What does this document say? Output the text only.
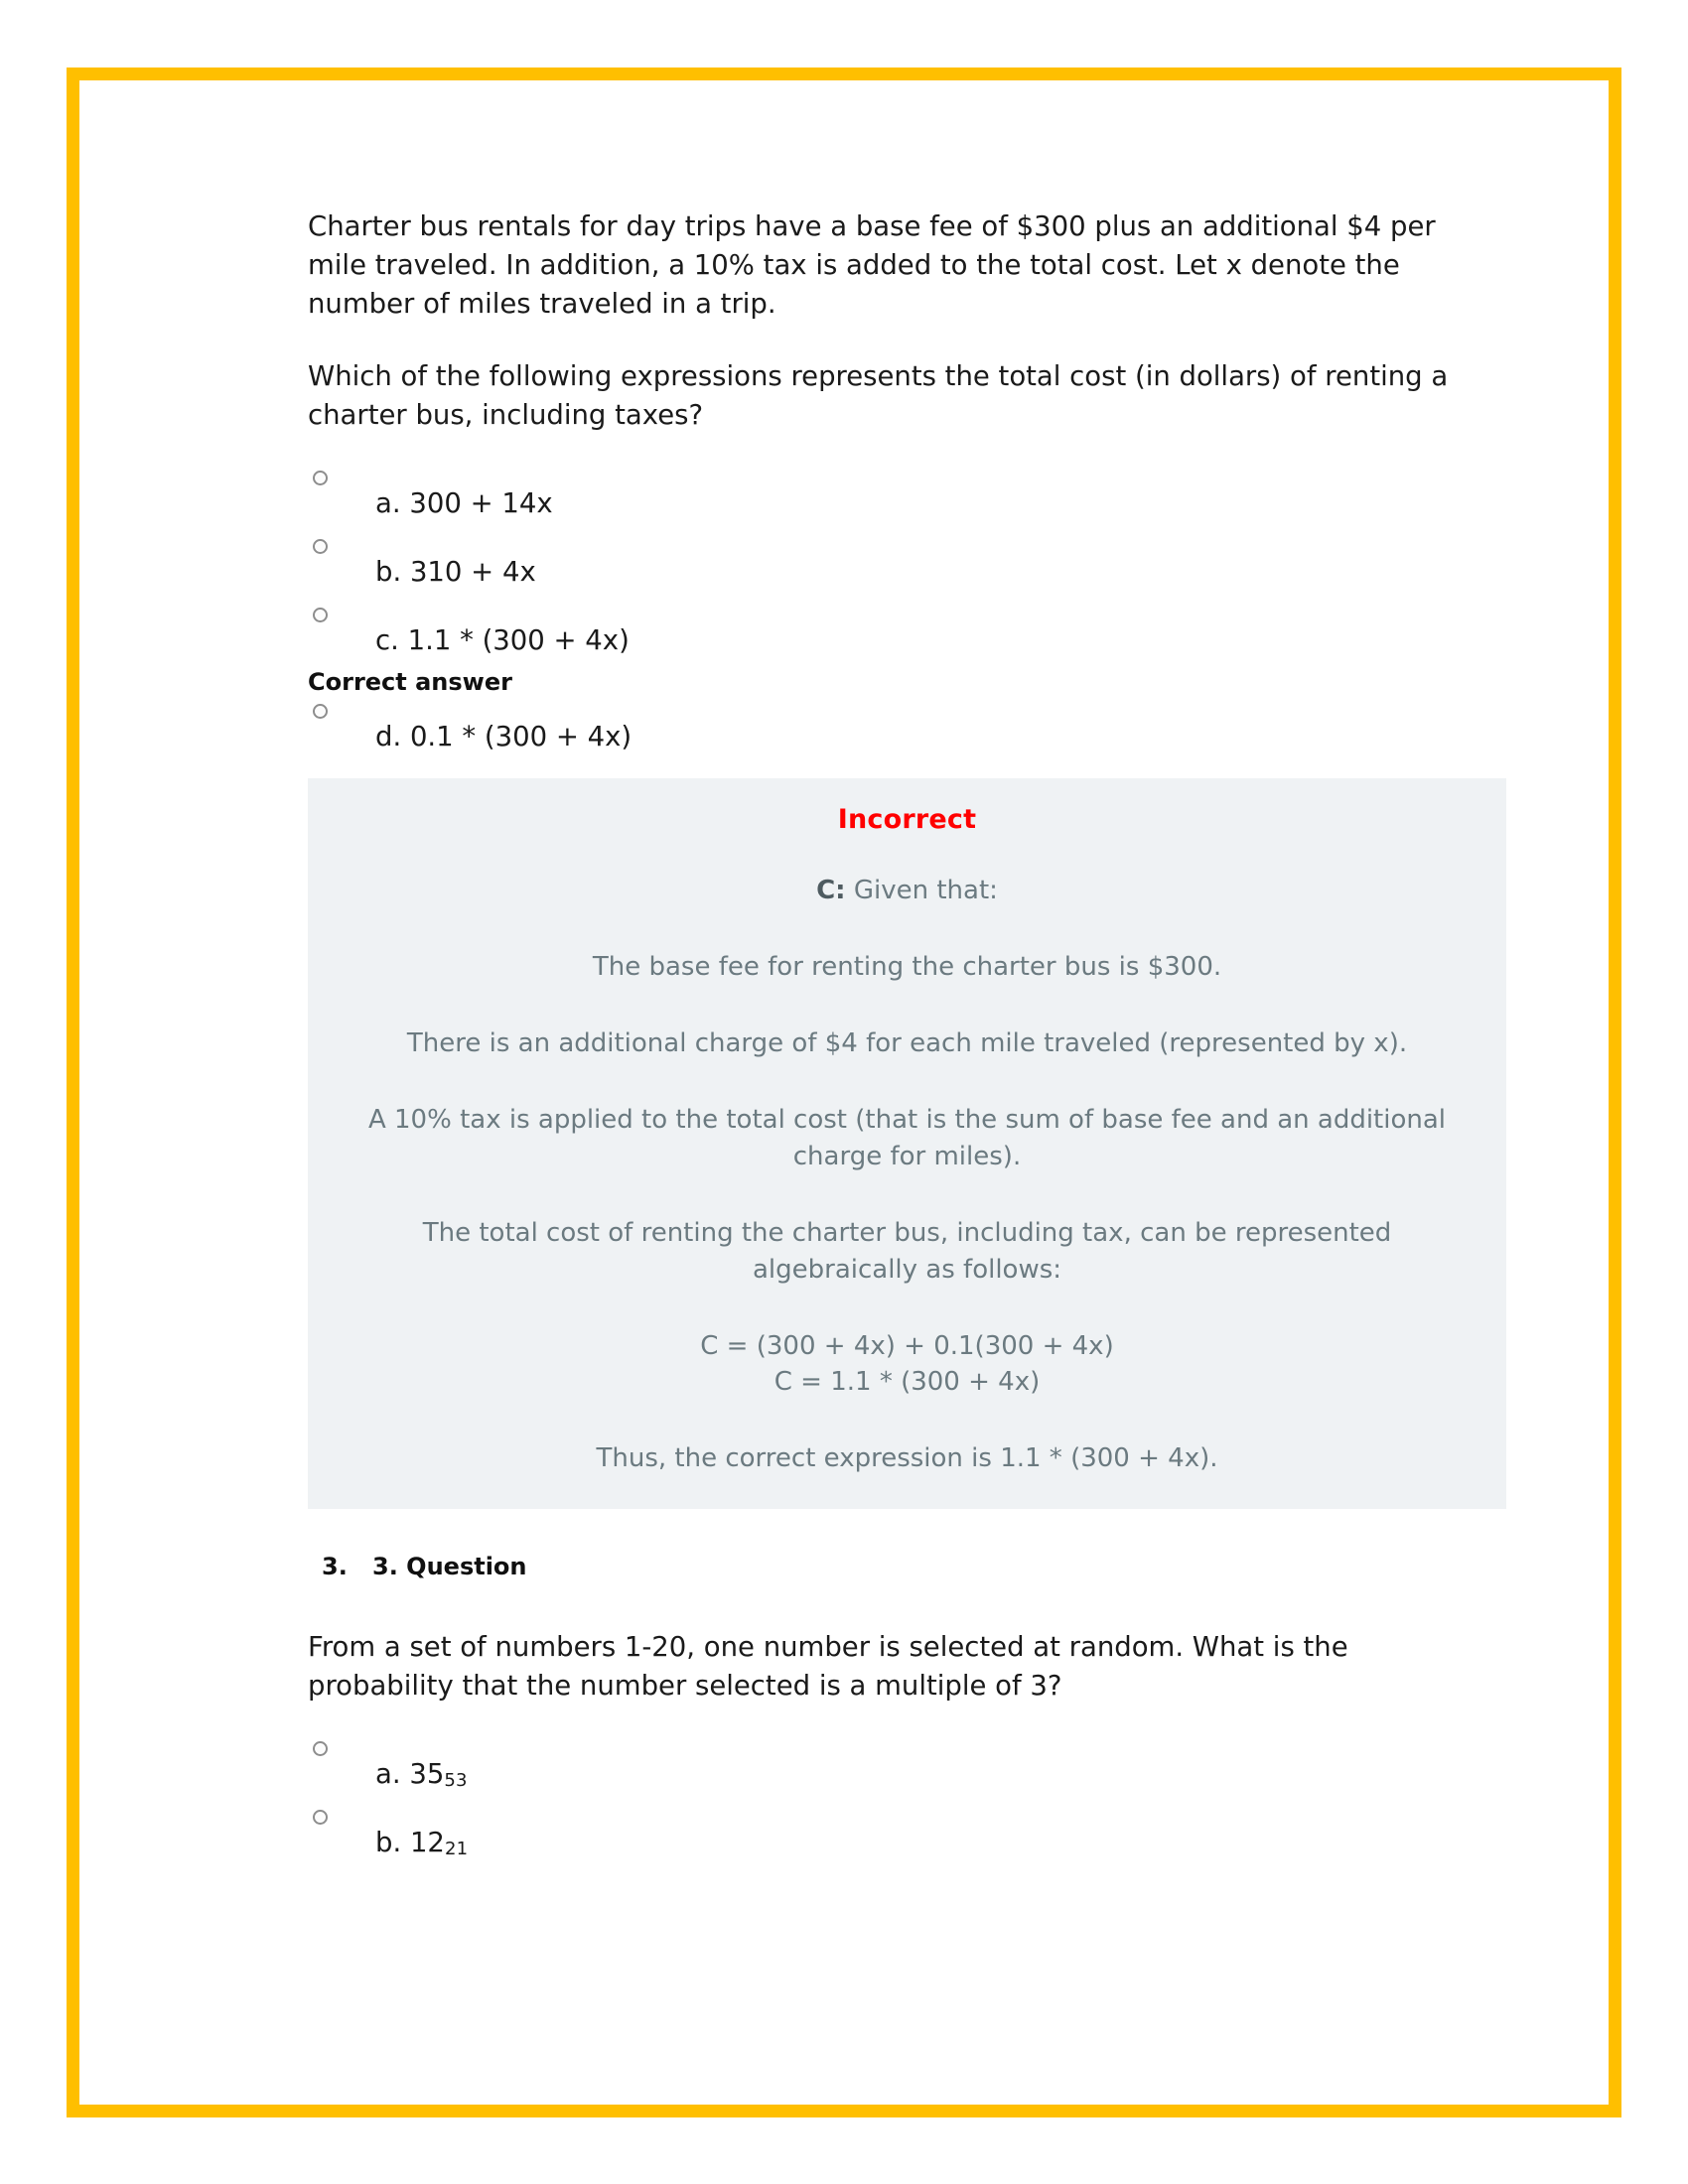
Charter bus rentals for day trips have a base fee of $300 plus an additional $4 per mile traveled. In addition, a 10% tax is added to the total cost. Let x denote the number of miles traveled in a trip.

Which of the following expressions represents the total cost (in dollars) of renting a charter bus, including taxes?

a. 300 + 14x
b. 310 + 4x
c. 1.1 * (300 + 4x)
Correct answer
d. 0.1 * (300 + 4x)
Incorrect

C: Given that:

The base fee for renting the charter bus is $300.

There is an additional charge of $4 for each mile traveled (represented by x).

A 10% tax is applied to the total cost (that is the sum of base fee and an additional charge for miles).

The total cost of renting the charter bus, including tax, can be represented algebraically as follows:

C = (300 + 4x) + 0.1(300 + 4x)
C = 1.1 * (300 + 4x)

Thus, the correct expression is 1.1 * (300 + 4x).

3. 3. Question

From a set of numbers 1-20, one number is selected at random. What is the probability that the number selected is a multiple of 3?

a. 3553
b. 1221
